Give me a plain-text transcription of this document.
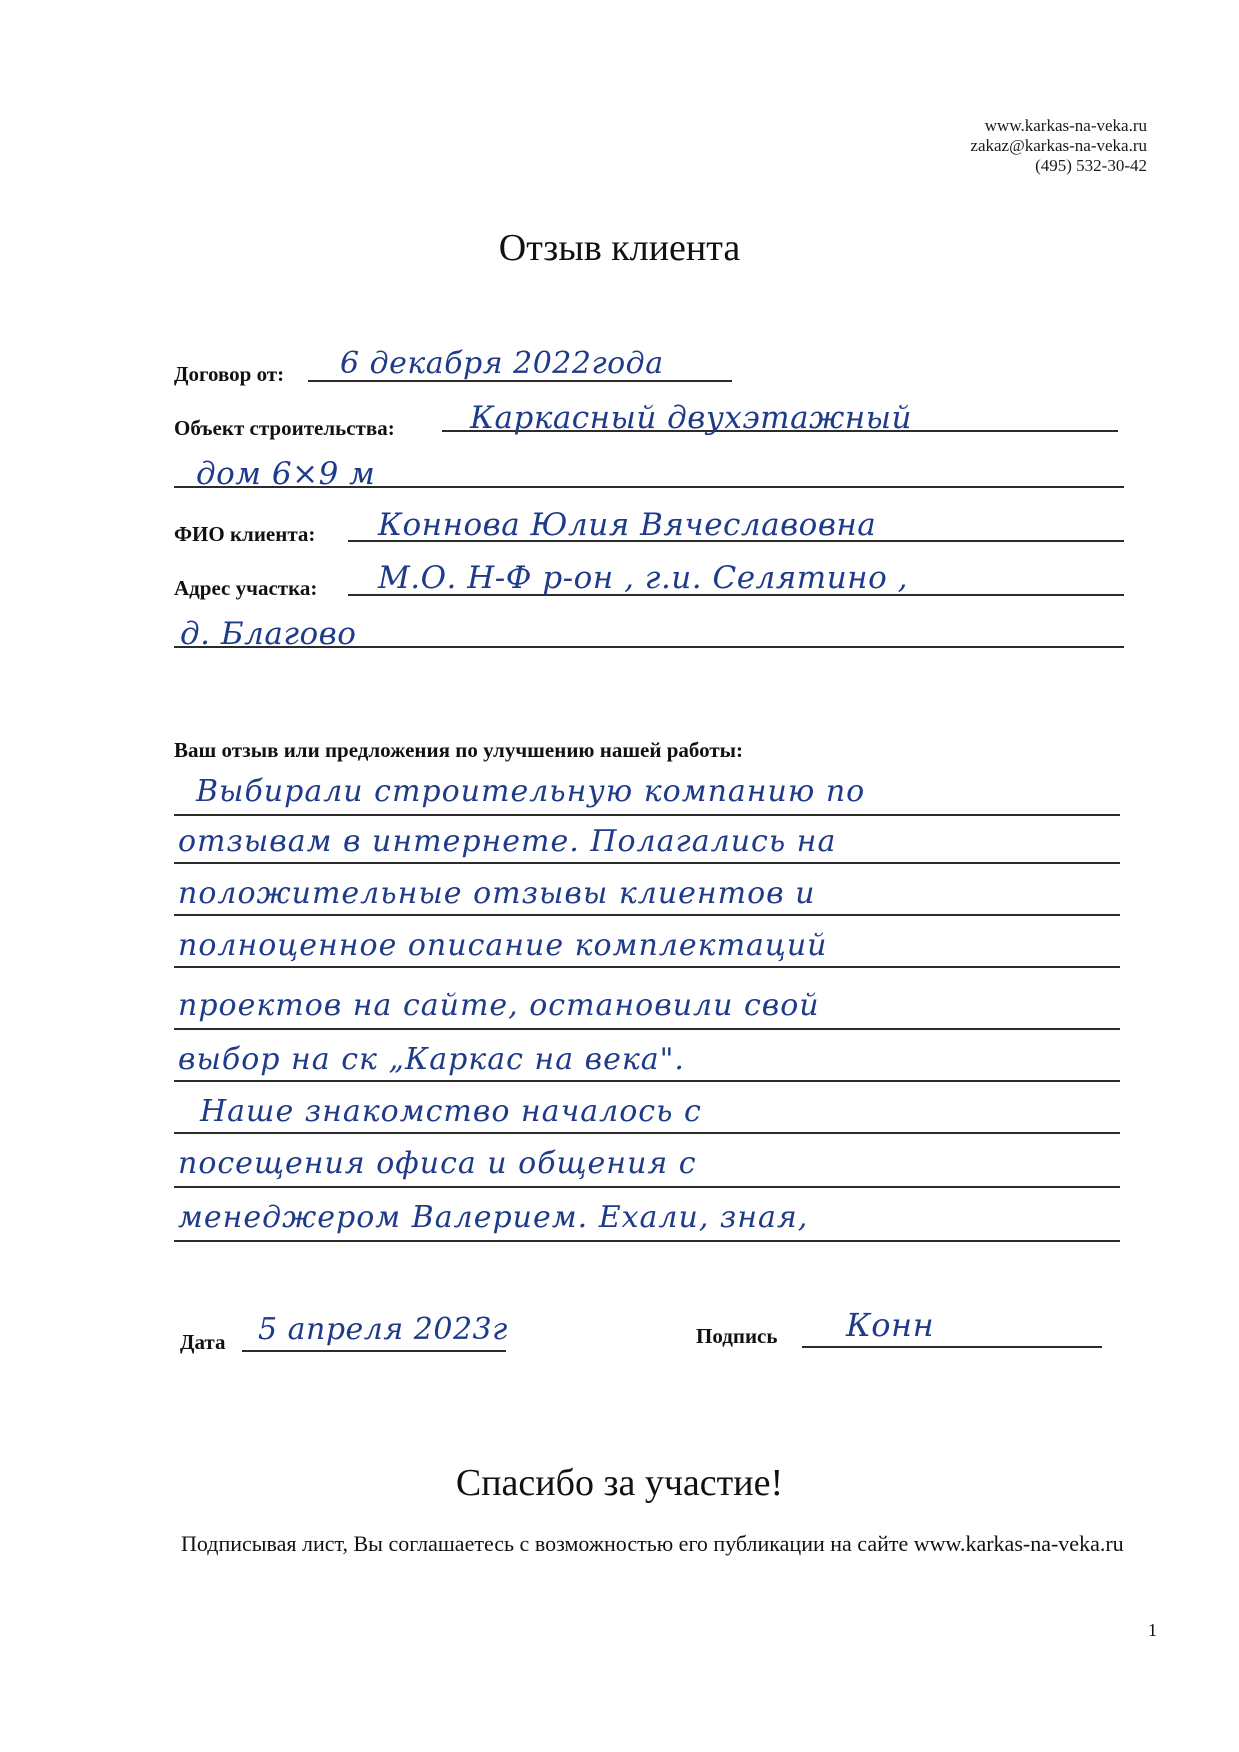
www.karkas-na-veka.ru
zakaz@karkas-na-veka.ru
(495) 532-30-42
Отзыв клиента
Договор от: 6 декабря 2022года
Объект строительства: Каркасный двухэтажный
дом 6×9 м
ФИО клиента: Коннова Юлия Вячеславовна
Адрес участка: М.О. Н-Ф р-он , г.и. Селятино ,
д. Благово
Ваш отзыв или предложения по улучшению нашей работы:
Выбирали строительную компанию по
отзывам в интернете. Полагались на
положительные отзывы клиентов и
полноценное описание комплектаций
проектов на сайте, остановили свой
выбор на ск „Каркас на века".
Наше знакомство началось с
посещения офиса и общения с
менеджером Валерием. Ехали, зная,
Дата 5 апреля 2023г	Подпись Конн
Спасибо за участие!
Подписывая лист, Вы соглашаетесь с возможностью его публикации на сайте www.karkas-na-veka.ru
1
